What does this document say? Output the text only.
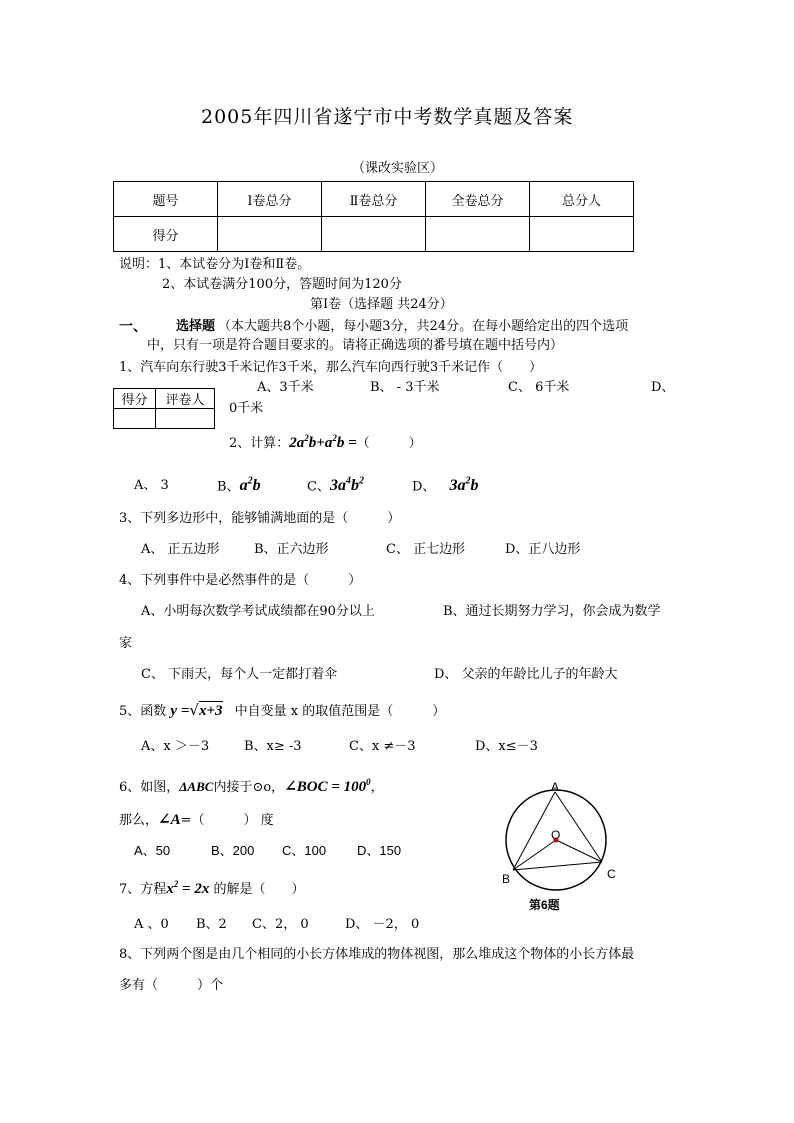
2005年四川省遂宁市中考数学真题及答案
（课改实验区）
题号	Ⅰ卷总分	Ⅱ卷总分	全卷总分	总分人
得分				
说明：1、本试卷分为Ⅰ卷和Ⅱ卷。
2、本试卷满分100分，答题时间为120分
第Ⅰ卷（选择题 共24分）
一、 选择题 （本大题共8个小题，每小题3分，共24分。在每小题给定出的四个选项
中，只有一项是符合题目要求的。请将正确选项的番号填在题中括号内）
1、汽车向东行驶3千米记作3千米，那么汽车向西行驶3千米记作（　　）
A、3千米	B、 - 3千米	C、 6千米	D、
0千米
得分	评卷人

2、计算：$2a^2b+a^2b$ =（　　　）
A、 3	B、$a^2b$	C、$3a^4b^2$	D、 $3a^2b$
3、下列多边形中，能够铺满地面的是（　　　）
A、 正五边形	B、正六边形	C、 正七边形	D、正八边形
4、下列事件中是必然事件的是（　　　）
A、小明每次数学考试成绩都在90分以上	B、通过长期努力学习，你会成为数学
家
C、 下雨天，每个人一定都打着伞	D、 父亲的年龄比儿子的年龄大
5、函数 y =√x+3 中自变量 x 的取值范围是（　　　）
A、x ＞－3	B、x≥ -3	C、x ≠－3	D、x≤－3
6、如图，ΔABC内接于⊙o，∠BOC = $100^0$，
那么，∠A=（　　　） 度
A、50	B、200 C、100 D、150
A
O
B	C
第6题
7、方程$x^2 = 2x$ 的解是（　　）
A 、0 B、2 C、2， 0	D、 －2， 0
8、下列两个图是由几个相同的小长方体堆成的物体视图，那么堆成这个物体的小长方体最
多有（　　　）个
